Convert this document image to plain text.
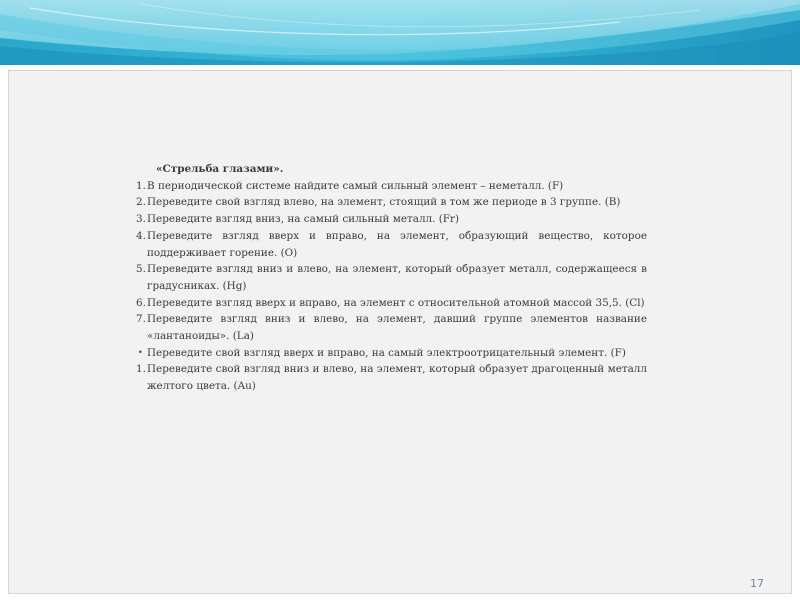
«Стрельба глазами».
1. В периодической системе найдите самый сильный элемент – неметалл. (F)
2. Переведите свой взгляд влево, на элемент, стоящий в том же периоде в 3 группе. (В)
3. Переведите взгляд вниз, на самый сильный металл. (Fr)
4. Переведите взгляд вверх и вправо, на элемент, образующий вещество, которое поддерживает горение. (О)
5. Переведите взгляд вниз и влево, на элемент, который образует металл, содержащееся в градусниках. (Hg)
6. Переведите взгляд вверх и вправо, на элемент с относительной атомной массой 35,5. (Cl)
7. Переведите взгляд вниз и влево, на элемент, давший группе элементов название «лантаноиды». (La)
• Переведите свой взгляд вверх и вправо, на самый электроотрицательный элемент. (F)
1. Переведите свой взгляд вниз и влево, на элемент, который образует драгоценный металл желтого цвета. (Au)
17
